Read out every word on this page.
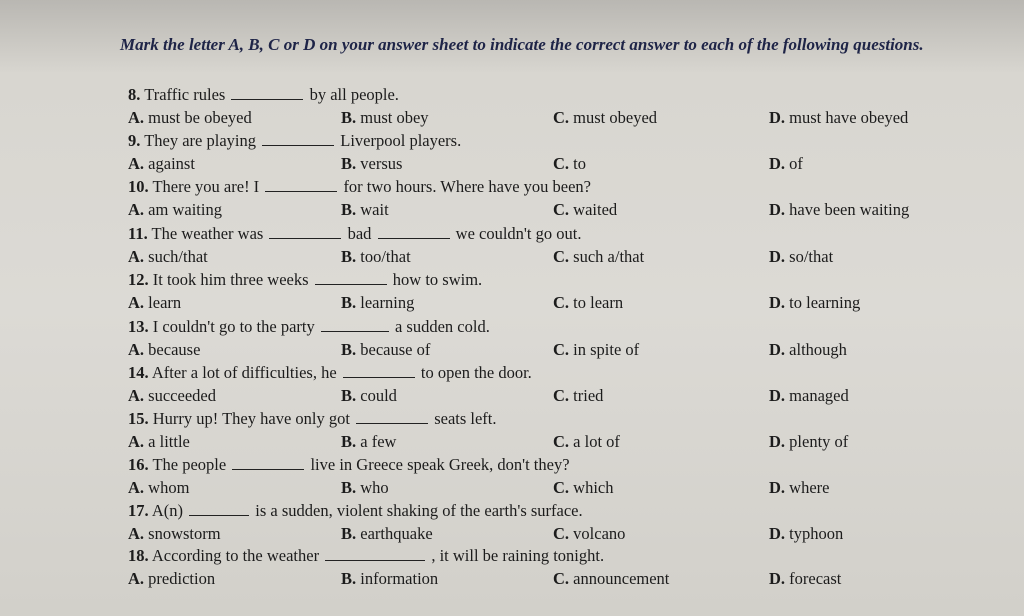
Mark the letter A, B, C or D on your answer sheet to indicate the correct answer to each of the following questions.
8. Traffic rules	by all people.
A. must be obeyed	B. must obey	C. must obeyed	D. must have obeyed
9. They are playing	Liverpool players.
A. against	B. versus	C. to	D. of
10. There you are! I	for two hours. Where have you been?
A. am waiting	B. wait	C. waited	D. have been waiting
11. The weather was	bad	we couldn't go out.
A. such/that	B. too/that	C. such a/that	D. so/that
12. It took him three weeks	how to swim.
A. learn	B. learning	C. to learn	D. to learning
13. I couldn't go to the party	a sudden cold.
A. because	B. because of	C. in spite of	D. although
14. After a lot of difficulties, he	to open the door.
A. succeeded	B. could	C. tried	D. managed
15. Hurry up! They have only got	seats left.
A. a little	B. a few	C. a lot of	D. plenty of
16. The people	live in Greece speak Greek, don't they?
A. whom	B. who	C. which	D. where
17. A(n)	is a sudden, violent shaking of the earth's surface.
A. snowstorm	B. earthquake	C. volcano	D. typhoon
18. According to the weather	, it will be raining tonight.
A. prediction	B. information	C. announcement	D. forecast
